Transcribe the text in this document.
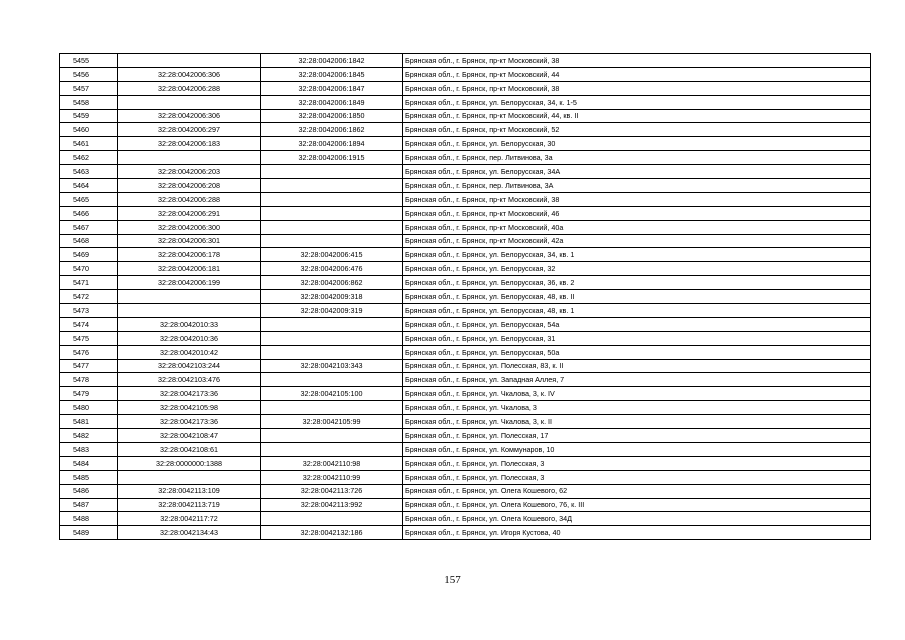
5455		32:28:0042006:1842	Брянская обл., г. Брянск, пр-кт Московский, 38
5456	32:28:0042006:306	32:28:0042006:1845	Брянская обл., г. Брянск, пр-кт Московский, 44
5457	32:28:0042006:288	32:28:0042006:1847	Брянская обл., г. Брянск, пр-кт Московский, 38
5458		32:28:0042006:1849	Брянская обл., г. Брянск, ул. Белорусская, 34, к. 1-5
5459	32:28:0042006:306	32:28:0042006:1850	Брянская обл., г. Брянск, пр-кт Московский, 44, кв. II
5460	32:28:0042006:297	32:28:0042006:1862	Брянская обл., г. Брянск, пр-кт Московский, 52
5461	32:28:0042006:183	32:28:0042006:1894	Брянская обл., г. Брянск, ул. Белорусская, 30
5462		32:28:0042006:1915	Брянская обл., г. Брянск, пер. Литвинова, 3а
5463	32:28:0042006:203		Брянская обл., г. Брянск, ул. Белорусская, 34А
5464	32:28:0042006:208		Брянская обл., г. Брянск, пер. Литвинова, 3А
5465	32:28:0042006:288		Брянская обл., г. Брянск, пр-кт Московский, 38
5466	32:28:0042006:291		Брянская обл., г. Брянск, пр-кт Московский, 46
5467	32:28:0042006:300		Брянская обл., г. Брянск, пр-кт Московский, 40а
5468	32:28:0042006:301		Брянская обл., г. Брянск, пр-кт Московский, 42а
5469	32:28:0042006:178	32:28:0042006:415	Брянская обл., г. Брянск, ул. Белорусская, 34, кв. 1
5470	32:28:0042006:181	32:28:0042006:476	Брянская обл., г. Брянск, ул. Белорусская, 32
5471	32:28:0042006:199	32:28:0042006:862	Брянская обл., г. Брянск, ул. Белорусская, 36, кв. 2
5472		32:28:0042009:318	Брянская обл., г. Брянск, ул. Белорусская, 48, кв. II
5473		32:28:0042009:319	Брянская обл., г. Брянск, ул. Белорусская, 48, кв. 1
5474	32:28:0042010:33		Брянская обл., г. Брянск, ул. Белорусская, 54а
5475	32:28:0042010:36		Брянская обл., г. Брянск, ул. Белорусская, 31
5476	32:28:0042010:42		Брянская обл., г. Брянск, ул. Белорусская, 50а
5477	32:28:0042103:244	32:28:0042103:343	Брянская обл., г. Брянск, ул. Полесская, 83, к. II
5478	32:28:0042103:476		Брянская обл., г. Брянск, ул. Западная Аллея, 7
5479	32:28:0042173:36	32:28:0042105:100	Брянская обл., г. Брянск, ул. Чкалова, 3, к. IV
5480	32:28:0042105:98		Брянская обл., г. Брянск, ул. Чкалова, 3
5481	32:28:0042173:36	32:28:0042105:99	Брянская обл., г. Брянск, ул. Чкалова, 3, к. II
5482	32:28:0042108:47		Брянская обл., г. Брянск, ул. Полесская, 17
5483	32:28:0042108:61		Брянская обл., г. Брянск, ул. Коммунаров, 10
5484	32:28:0000000:1388	32:28:0042110:98	Брянская обл., г. Брянск, ул. Полесская, 3
5485		32:28:0042110:99	Брянская обл., г. Брянск, ул. Полесская, 3
5486	32:28:0042113:109	32:28:0042113:726	Брянская обл., г. Брянск, ул. Олега Кошевого, 62
5487	32:28:0042113:719	32:28:0042113:992	Брянская обл., г. Брянск, ул. Олега Кошевого, 76, к. III
5488	32:28:0042117:72		Брянская обл., г. Брянск, ул. Олега Кошевого, 34Д
5489	32:28:0042134:43	32:28:0042132:186	Брянская обл., г. Брянск, ул. Игоря Кустова, 40
157
